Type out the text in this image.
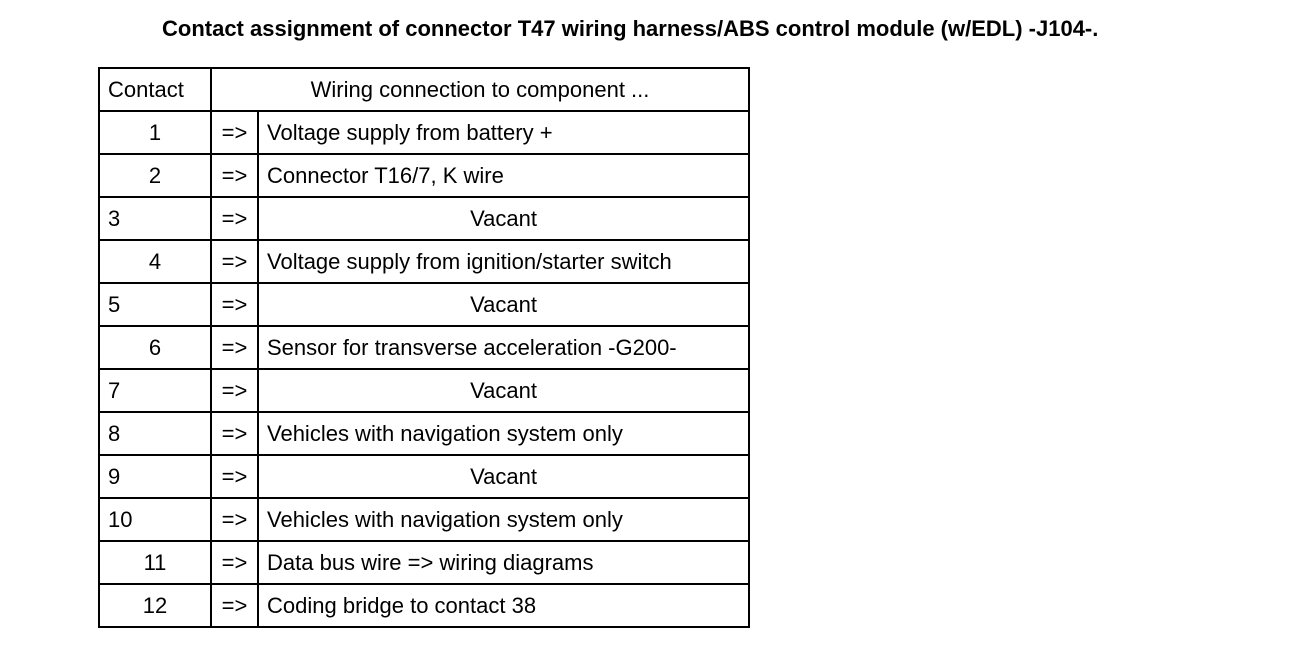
Contact assignment of connector T47 wiring harness/ABS control module (w/EDL) -J104-.
Contact	Wiring connection to component ...	
1	=>	Voltage supply from battery +
2	=>	Connector T16/7, K wire
3	=>	Vacant
4	=>	Voltage supply from ignition/starter switch
5	=>	Vacant
6	=>	Sensor for transverse acceleration -G200-
7	=>	Vacant
8	=>	Vehicles with navigation system only
9	=>	Vacant
10	=>	Vehicles with navigation system only
11	=>	Data bus wire => wiring diagrams
12	=>	Coding bridge to contact 38
